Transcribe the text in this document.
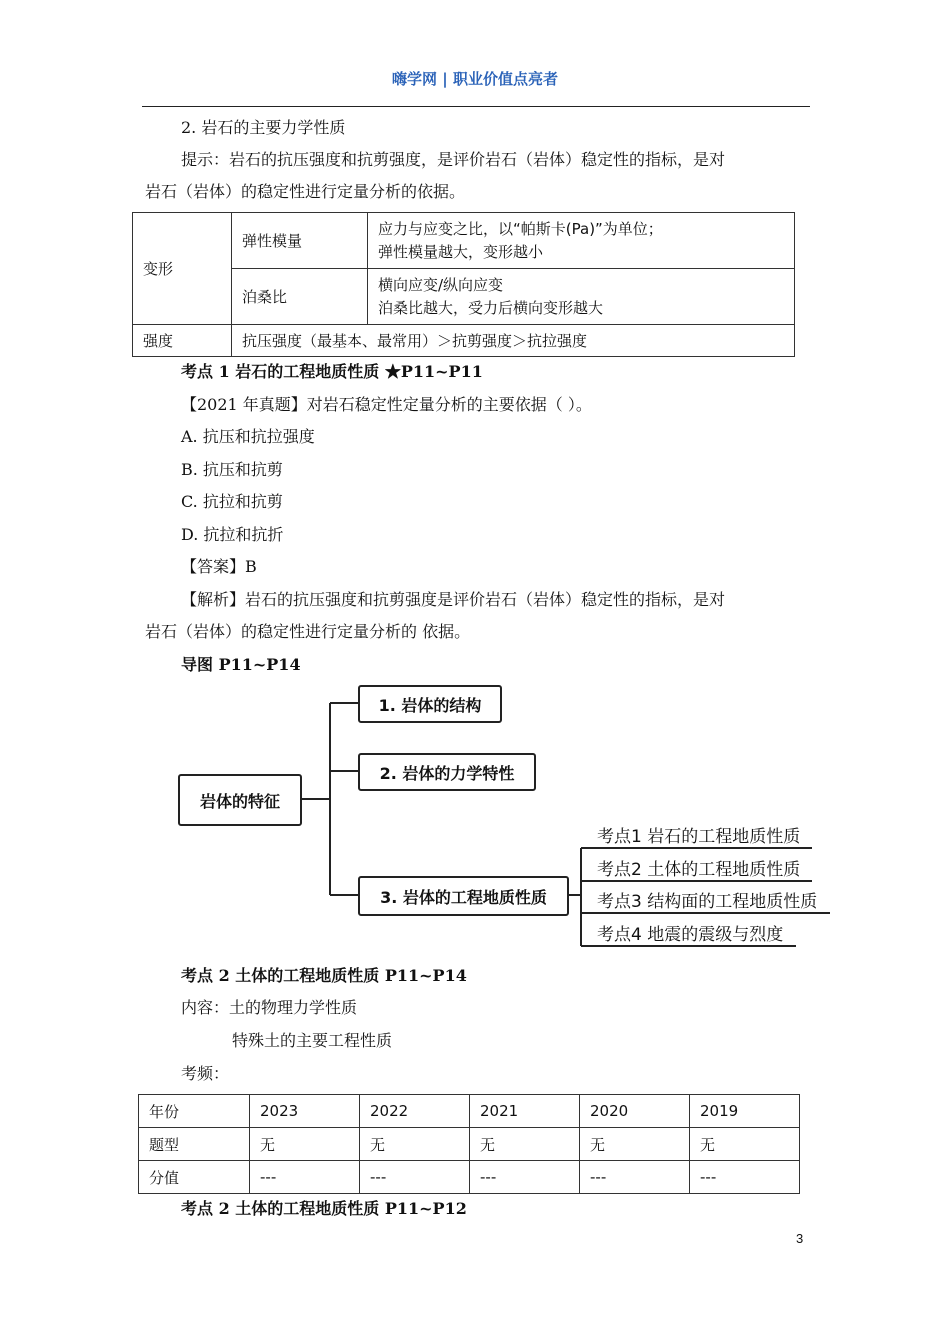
嗨学网 | 职业价值点亮者
2. 岩石的主要力学性质
提示：岩石的抗压强度和抗剪强度，是评价岩石（岩体）稳定性的指标，是对
岩石（岩体）的稳定性进行定量分析的依据。
变形	弹性模量	应力与应变之比，以“帕斯卡(Pa)”为单位；
弹性模量越大，变形越小

	泊桑比	横向应变/纵向应变
泊桑比越大，受力后横向变形越大

强度	抗压强度（最基本、最常用）＞抗剪强度＞抗拉强度	
考点 1 岩石的工程地质性质 ★P11~P11
【2021 年真题】对岩石稳定性定量分析的主要依据（ ）。
A. 抗压和抗拉强度
B. 抗压和抗剪
C. 抗拉和抗剪
D. 抗拉和抗折
【答案】B
【解析】岩石的抗压强度和抗剪强度是评价岩石（岩体）稳定性的指标，是对
岩石（岩体）的稳定性进行定量分析的 依据。
导图 P11~P14
岩体的特征
1. 岩体的结构
2. 岩体的力学特性
3. 岩体的工程地质性质
考点1 岩石的工程地质性质
考点2 土体的工程地质性质
考点3 结构面的工程地质性质
考点4 地震的震级与烈度
考点 2 土体的工程地质性质 P11~P14
内容：土的物理力学性质
特殊土的主要工程性质
考频：
年份	2023	2022	2021	2020	2019
题型	无	无	无	无	无
分值	---	---	---	---	---
考点 2 土体的工程地质性质 P11~P12
3
